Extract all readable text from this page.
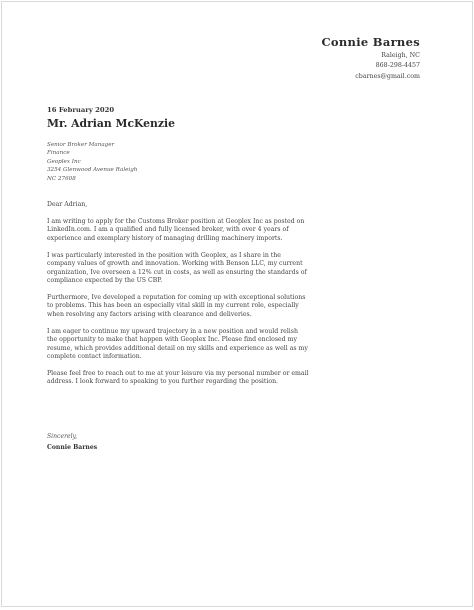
Connie Barnes
Raleigh, NC
868-298-4457
cbarnes@gmail.com
16 February 2020
Mr. Adrian McKenzie
Senior Broker Manager
Finance
Geoplex Inc
3254 Glenwood Avenue Raleigh
NC 27608

Dear Adrian,

I am writing to apply for the Customs Broker position at Geoplex Inc as posted on LinkedIn.com. I am a qualified and fully licensed broker, with over 4 years of experience and exemplary history of managing drilling machinery imports.

I was particularly interested in the position with Geoplex, as I share in the company values of growth and innovation. Working with Benson LLC, my current organization, Ive overseen a 12% cut in costs, as well as ensuring the standards of compliance expected by the US CBP.

Furthermore, Ive developed a reputation for coming up with exceptional solutions to problems. This has been an especially vital skill in my current role, especially when resolving any factors arising with clearance and deliveries.

I am eager to continue my upward trajectory in a new position and would relish the opportunity to make that happen with Geoplex Inc. Please find enclosed my resume, which provides additional detail on my skills and experience as well as my complete contact information.

Please feel free to reach out to me at your leisure via my personal number or email address. I look forward to speaking to you further regarding the position.

Sincerely,
Connie Barnes
